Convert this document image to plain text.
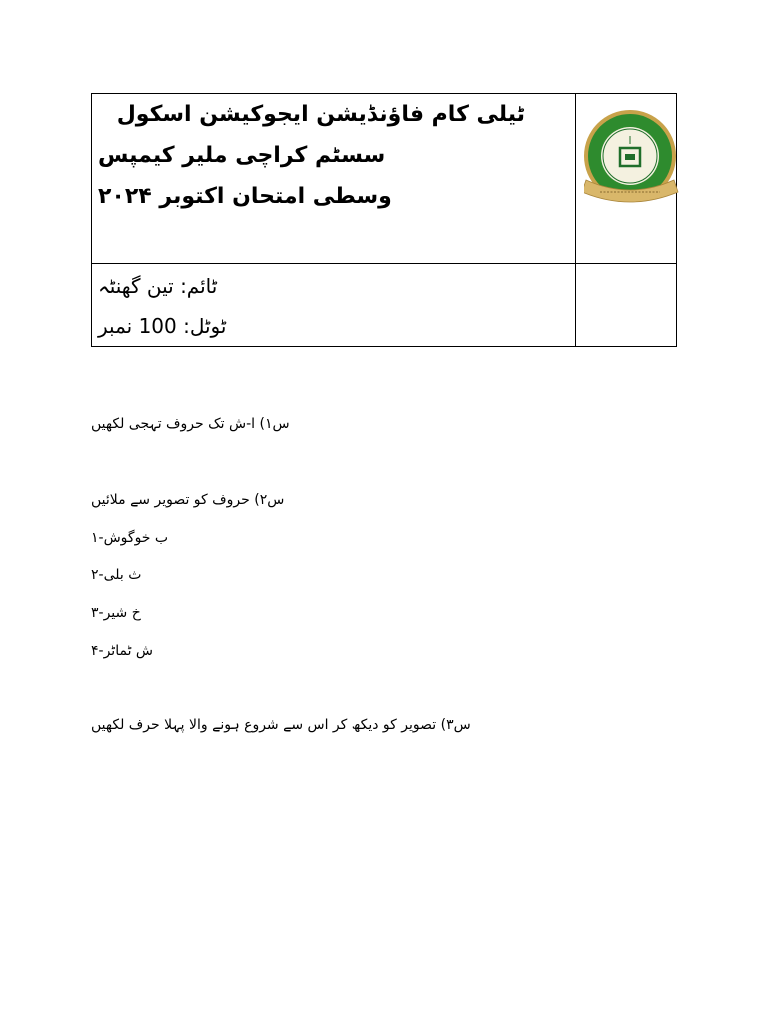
ٹیلی کام فاؤنڈیشن ایجوکیشن اسکول
سسٹم کراچی ملیر کیمپس
وسطی امتحان اکتوبر ۲۰۲۴

ٹائم: تین گھنٹہ
ٹوٹل: 100 نمبر	

س۱) ا-ش تک حروف تہجی لکھیں
س۲) حروف کو تصویر سے ملائیں
ب خوگوش-۱
ث بلی-۲
خ شیر-۳
ش ٹماٹر-۴
س۳) تصویر کو دیکھ کر اس سے شروع ہونے والا پہلا حرف لکھیں
